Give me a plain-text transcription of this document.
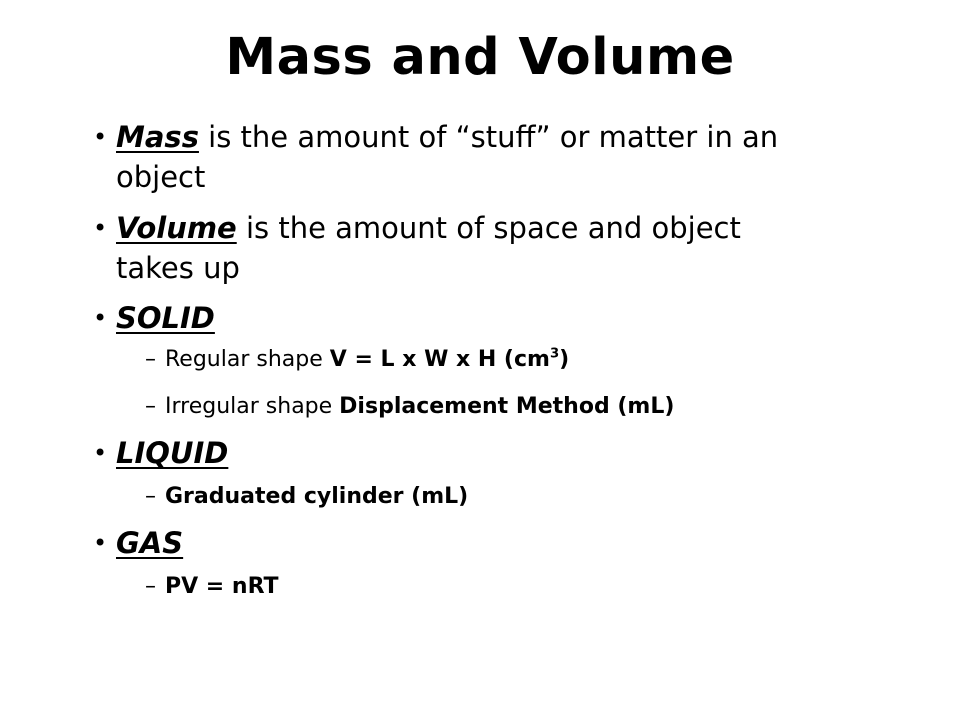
Mass and Volume
• Mass is the amount of “stuff” or matter in an object
• Volume is the amount of space and object takes up
• SOLID
– Regular shape V = L x W x H $(cm^3)$
– Irregular shape Displacement Method (mL)
• LIQUID
– Graduated cylinder (mL)
• GAS
– PV = nRT
